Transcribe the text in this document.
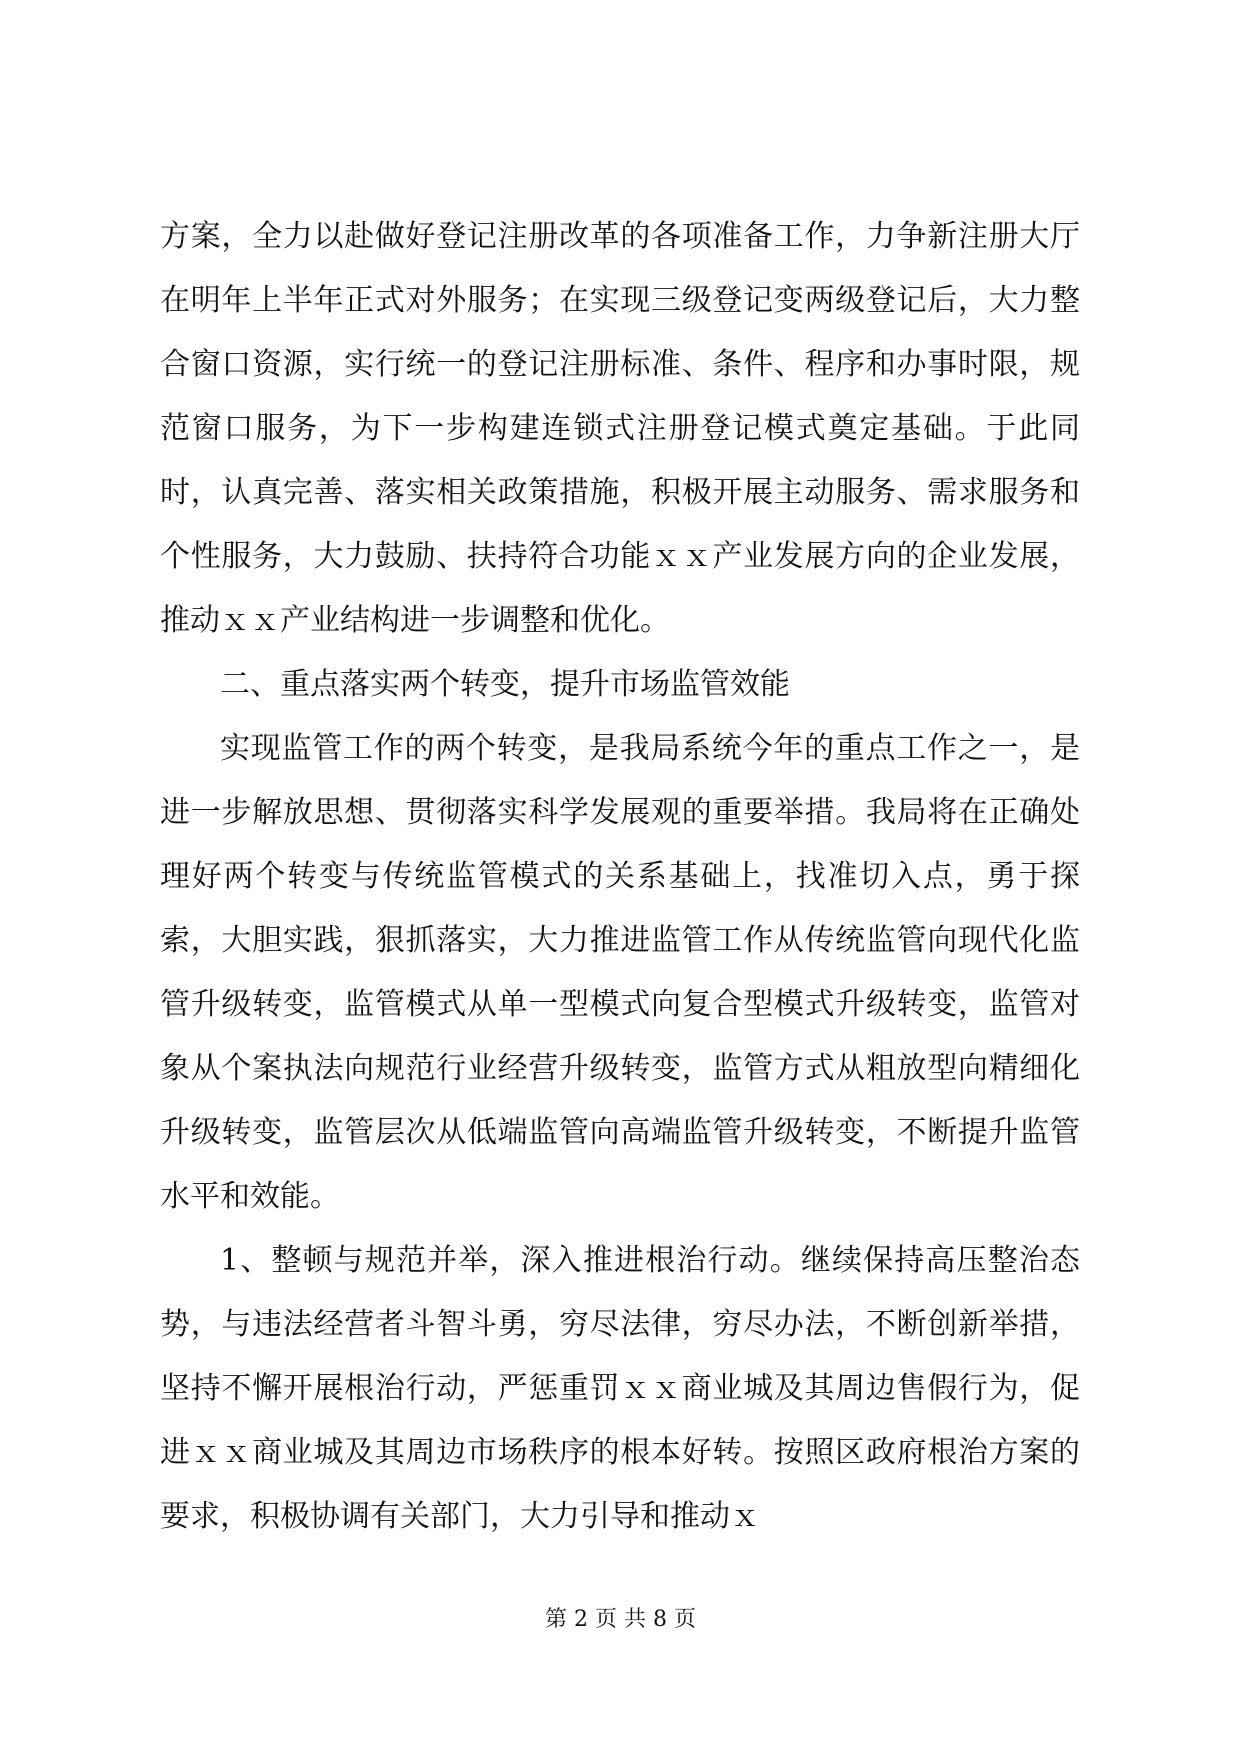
方案，全力以赴做好登记注册改革的各项准备工作，力争新注册大厅在明年上半年正式对外服务；在实现三级登记变两级登记后，大力整合窗口资源，实行统一的登记注册标准、条件、程序和办事时限，规范窗口服务，为下一步构建连锁式注册登记模式奠定基础。于此同时，认真完善、落实相关政策措施，积极开展主动服务、需求服务和个性服务，大力鼓励、扶持符合功能ｘｘ产业发展方向的企业发展，推动ｘｘ产业结构进一步调整和优化。

二、重点落实两个转变，提升市场监管效能

实现监管工作的两个转变，是我局系统今年的重点工作之一，是进一步解放思想、贯彻落实科学发展观的重要举措。我局将在正确处理好两个转变与传统监管模式的关系基础上，找准切入点，勇于探索，大胆实践，狠抓落实，大力推进监管工作从传统监管向现代化监管升级转变，监管模式从单一型模式向复合型模式升级转变，监管对象从个案执法向规范行业经营升级转变，监管方式从粗放型向精细化升级转变，监管层次从低端监管向高端监管升级转变，不断提升监管水平和效能。

1、整顿与规范并举，深入推进根治行动。继续保持高压整治态势，与违法经营者斗智斗勇，穷尽法律，穷尽办法，不断创新举措，坚持不懈开展根治行动，严惩重罚ｘｘ商业城及其周边售假行为，促进ｘｘ商业城及其周边市场秩序的根本好转。按照区政府根治方案的要求，积极协调有关部门，大力引导和推动ｘ

第 2 页 共 8 页
